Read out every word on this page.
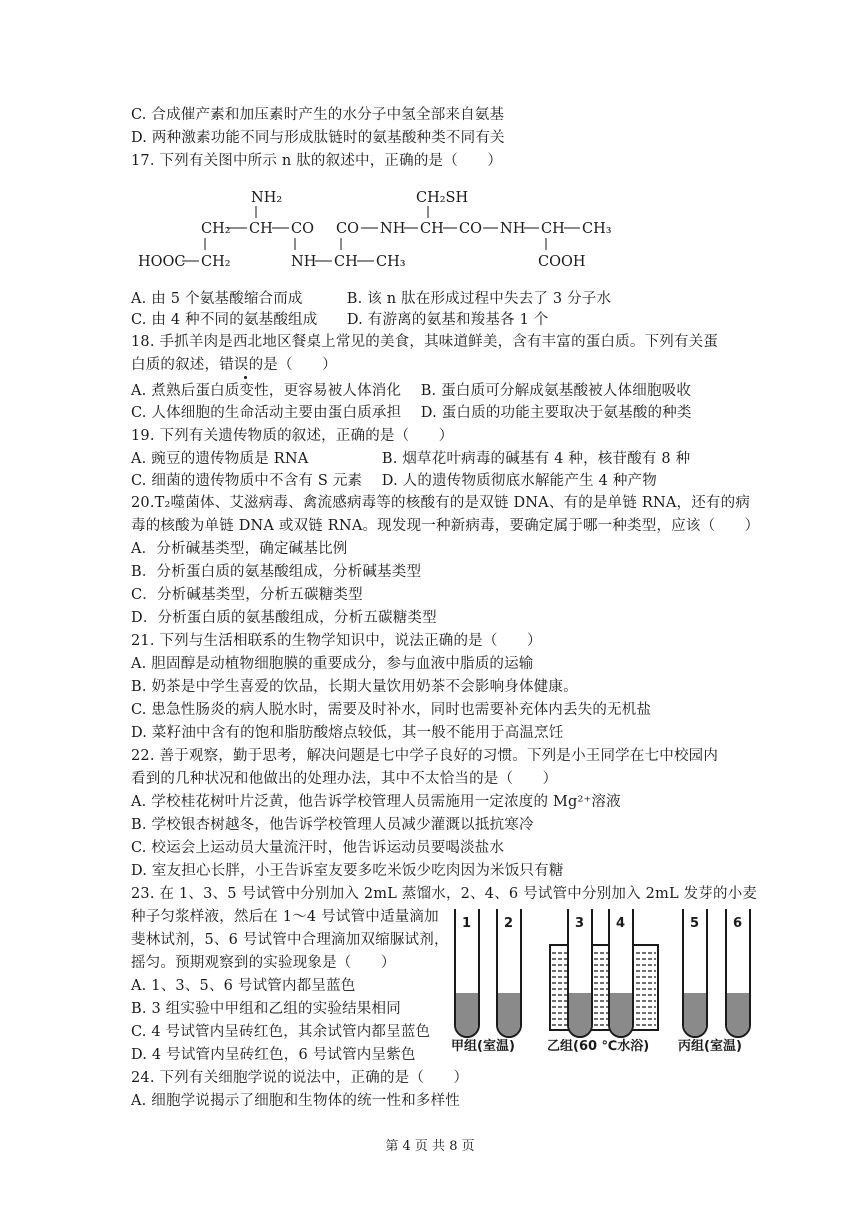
C. 合成催产素和加压素时产生的水分子中氢全部来自氨基
D. 两种激素功能不同与形成肽链时的氨基酸种类不同有关
17. 下列有关图中所示 n 肽的叙述中，正确的是（　　）
NH₂	CH₂SH
CH₂ CH CO CO NH CH CO NH CH CH₃
HOOC CH₂	NH CH CH₃	COOH
A. 由 5 个氨基酸缩合而成　　　B. 该 n 肽在形成过程中失去了 3 分子水
C. 由 4 种不同的氨基酸组成　　D. 有游离的氨基和羧基各 1 个
18. 手抓羊肉是西北地区餐桌上常见的美食，其味道鲜美，含有丰富的蛋白质。下列有关蛋
白质的叙述，错误的是（　　）
A. 煮熟后蛋白质变性，更容易被人体消化　 B. 蛋白质可分解成氨基酸被人体细胞吸收
C. 人体细胞的生命活动主要由蛋白质承担　 D. 蛋白质的功能主要取决于氨基酸的种类
19. 下列有关遗传物质的叙述，正确的是（　　）
A. 豌豆的遗传物质是 RNA　　　　　B. 烟草花叶病毒的碱基有 4 种，核苷酸有 8 种
C. 细菌的遗传物质中不含有 S 元素　 D. 人的遗传物质彻底水解能产生 4 种产物
20.T₂噬菌体、艾滋病毒、禽流感病毒等的核酸有的是双链 DNA、有的是单链 RNA，还有的病
毒的核酸为单链 DNA 或双链 RNA。现发现一种新病毒，要确定属于哪一种类型，应该（　　）
A．分析碱基类型，确定碱基比例
B．分析蛋白质的氨基酸组成，分析碱基类型
C．分析碱基类型，分析五碳糖类型
D．分析蛋白质的氨基酸组成，分析五碳糖类型
21. 下列与生活相联系的生物学知识中，说法正确的是（　　）
A. 胆固醇是动植物细胞膜的重要成分，参与血液中脂质的运输
B. 奶茶是中学生喜爱的饮品，长期大量饮用奶茶不会影响身体健康。
C. 患急性肠炎的病人脱水时，需要及时补水，同时也需要补充体内丢失的无机盐
D. 菜籽油中含有的饱和脂肪酸熔点较低，其一般不能用于高温烹饪
22. 善于观察，勤于思考，解决问题是七中学子良好的习惯。下列是小王同学在七中校园内
看到的几种状况和他做出的处理办法，其中不太恰当的是（　　）
A. 学校桂花树叶片泛黄，他告诉学校管理人员需施用一定浓度的 Mg²⁺溶液
B. 学校银杏树越冬，他告诉学校管理人员减少灌溉以抵抗寒冷
C. 校运会上运动员大量流汗时，他告诉运动员要喝淡盐水
D. 室友担心长胖，小王告诉室友要多吃米饭少吃肉因为米饭只有糖
23. 在 1、3、5 号试管中分别加入 2mL 蒸馏水，2、4、6 号试管中分别加入 2mL 发芽的小麦
种子匀浆样液，然后在 1～4 号试管中适量滴加
斐林试剂，5、6 号试管中合理滴加双缩脲试剂，
摇匀。预期观察到的实验现象是（　　）
A. 1、3、5、6 号试管内都呈蓝色
B. 3 组实验中甲组和乙组的实验结果相同
C. 4 号试管内呈砖红色，其余试管内都呈蓝色
D. 4 号试管内呈砖红色，6 号试管内呈紫色
1	2	3 4	5	6
甲组(室温) 乙组(60 ℃水浴) 丙组(室温)
24. 下列有关细胞学说的说法中，正确的是（　　）
A. 细胞学说揭示了细胞和生物体的统一性和多样性
第 4 页 共 8 页
